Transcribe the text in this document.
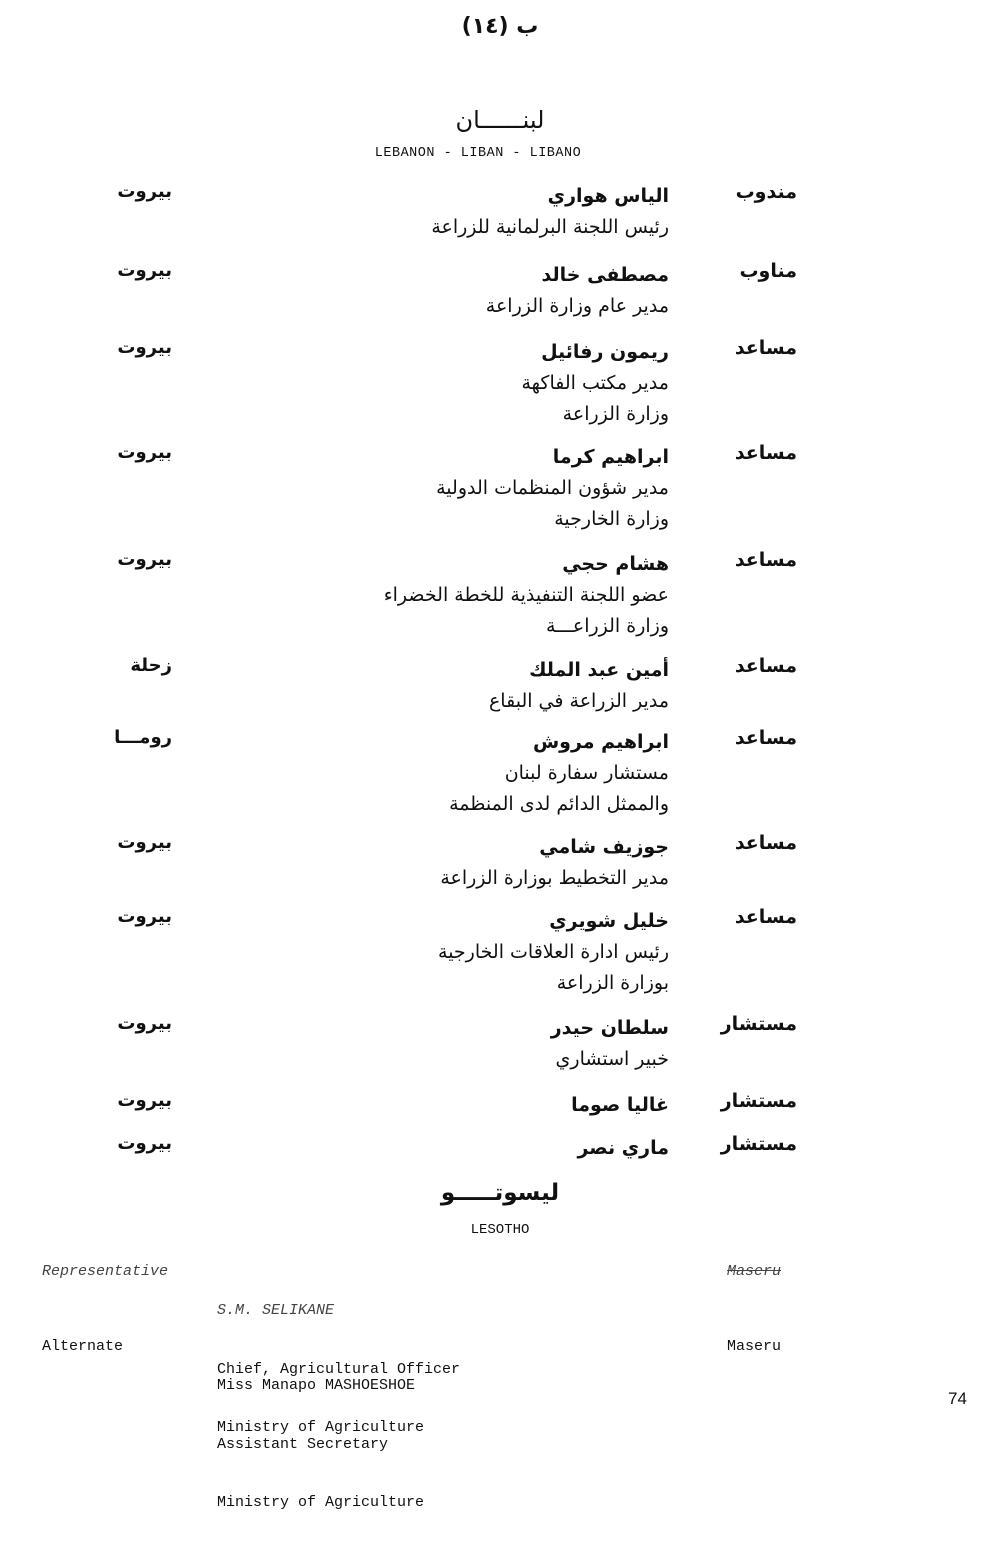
ب (١٤)
لبنــــــان
LEBANON - LIBAN - LIBANO
مندوب
الياس هواري
رئيس اللجنة البرلمانية للزراعة
بيروت
مناوب
مصطفى خالد
مدير عام وزارة الزراعة
بيروت
مساعد
ريمون رفائيل
مدير مكتب الفاكهة
وزارة الزراعة
بيروت
مساعد
ابراهيم كرما
مدير شؤون المنظمات الدولية
وزارة الخارجية
بيروت
مساعد
هشام حجي
عضو اللجنة التنفيذية للخطة الخضراء
وزارة الزراعـــة
بيروت
مساعد
أمين عبد الملك
مدير الزراعة في البقاع
زحلة
مساعد
ابراهيم مروش
مستشار سفارة لبنان
والممثل الدائم لدى المنظمة
رومـــا
مساعد
جوزيف شامي
مدير التخطيط بوزارة الزراعة
بيروت
مساعد
خليل شويري
رئيس ادارة العلاقات الخارجية
بوزارة الزراعة
بيروت
مستشار
سلطان حيدر
خبير استشاري
بيروت
مستشار
غاليا صوما
بيروت
مستشار
ماري نصر
بيروت
ليسوتـــــو
LESOTHO
Representative

S.M. SELIKANE

Chief, Agricultural Officer

Ministry of Agriculture

Maseru
Alternate

Miss Manapo MASHOESHOE

Assistant Secretary

Ministry of Agriculture

Maseru
74
